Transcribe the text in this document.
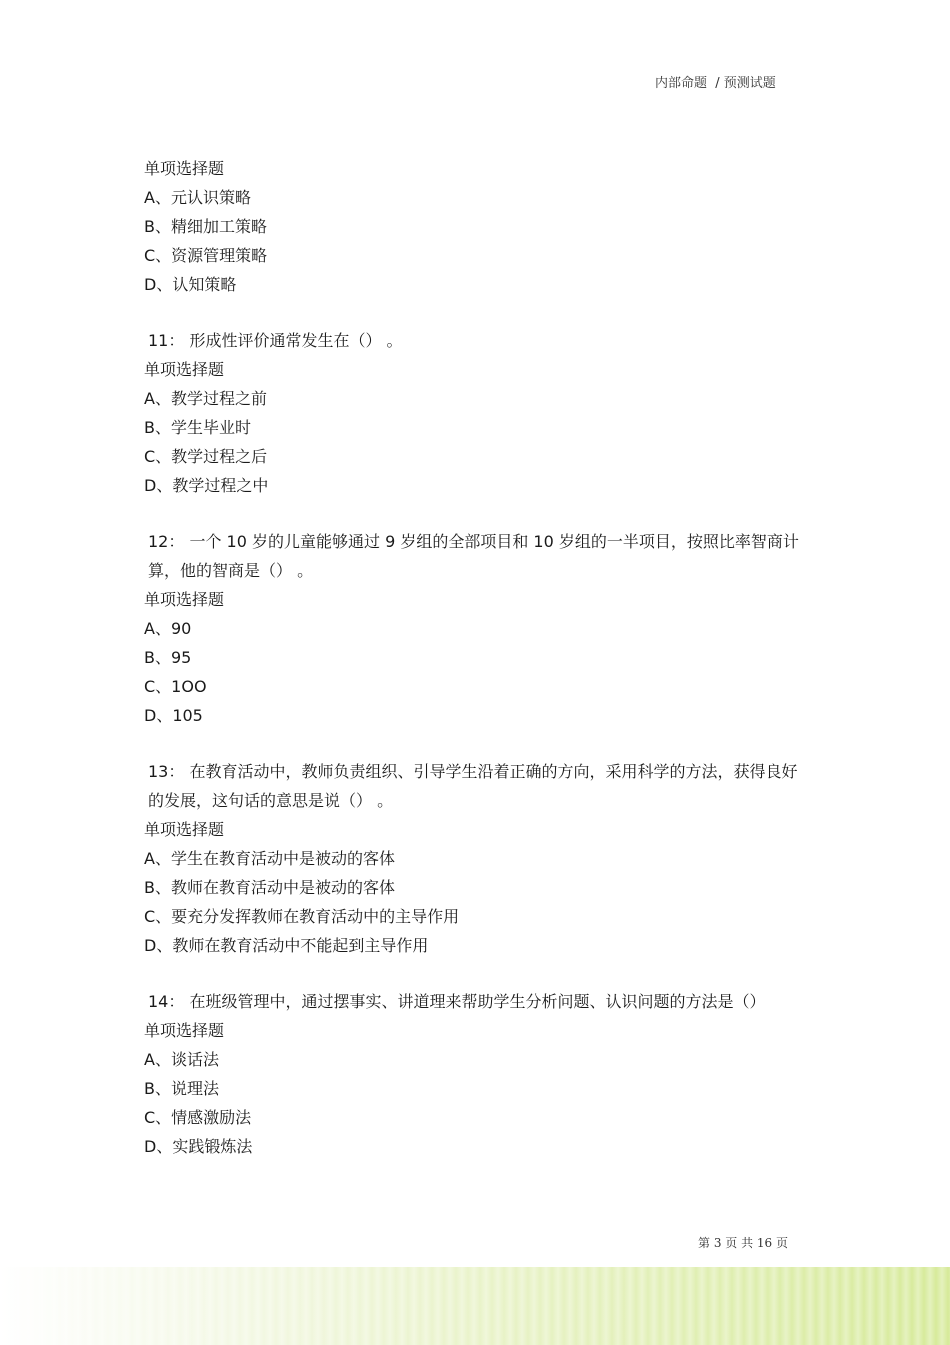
内部命题  / 预测试题

单项选择题

A、元认识策略

B、精细加工策略

C、资源管理策略

D、认知策略

11： 形成性评价通常发生在（） 。

单项选择题

A、教学过程之前

B、学生毕业时

C、教学过程之后

D、教学过程之中

12： 一个 10 岁的儿童能够通过 9 岁组的全部项目和 10 岁组的一半项目，按照比率智商计算，他的智商是（） 。

单项选择题

A、90

B、95

C、1OO

D、105

13： 在教育活动中，教师负责组织、引导学生沿着正确的方向，采用科学的方法，获得良好的发展，这句话的意思是说（） 。

单项选择题

A、学生在教育活动中是被动的客体

B、教师在教育活动中是被动的客体

C、要充分发挥教师在教育活动中的主导作用

D、教师在教育活动中不能起到主导作用

14： 在班级管理中，通过摆事实、讲道理来帮助学生分析问题、认识问题的方法是（）

单项选择题

A、谈话法

B、说理法

C、情感激励法

D、实践锻炼法

第 3 页 共 16 页
